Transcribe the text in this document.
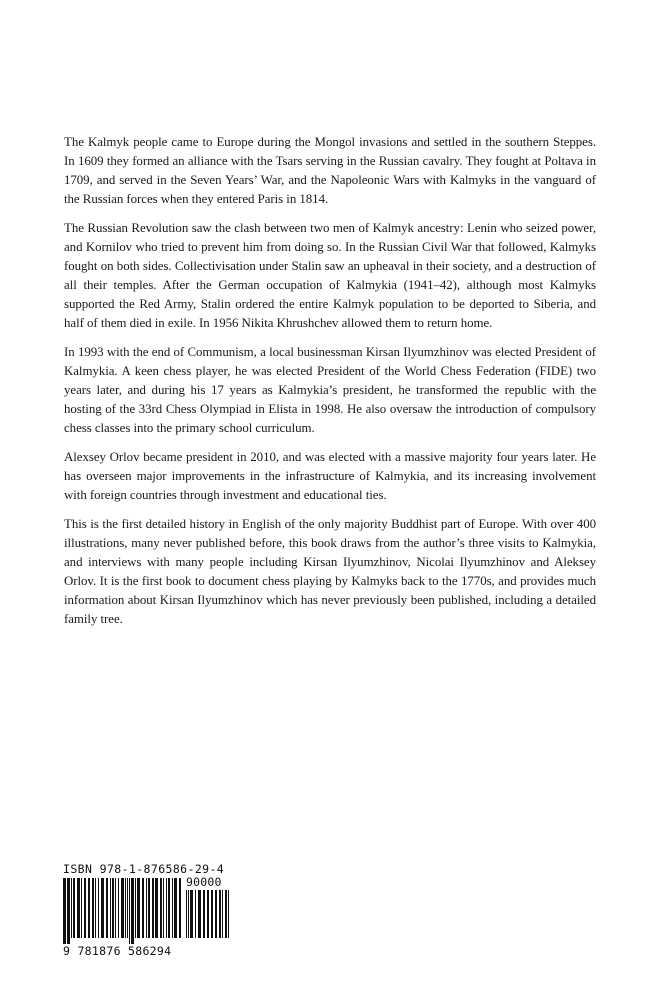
The Kalmyk people came to Europe during the Mongol invasions and settled in the southern Steppes. In 1609 they formed an alliance with the Tsars serving in the Russian cavalry. They fought at Poltava in 1709, and served in the Seven Years’ War, and the Napoleonic Wars with Kalmyks in the vanguard of the Russian forces when they entered Paris in 1814.

The Russian Revolution saw the clash between two men of Kalmyk ancestry: Lenin who seized power, and Kornilov who tried to prevent him from doing so. In the Russian Civil War that followed, Kalmyks fought on both sides. Collectivisation under Stalin saw an upheaval in their society, and a destruction of all their temples. After the German occupation of Kalmykia (1941–42), although most Kalmyks supported the Red Army, Stalin ordered the entire Kalmyk population to be deported to Siberia, and half of them died in exile. In 1956 Nikita Khrushchev allowed them to return home.

In 1993 with the end of Communism, a local businessman Kirsan Ilyumzhinov was elected President of Kalmykia. A keen chess player, he was elected President of the World Chess Federation (FIDE) two years later, and during his 17 years as Kalmykia’s president, he transformed the republic with the hosting of the 33rd Chess Olympiad in Elista in 1998. He also oversaw the introduction of compulsory chess classes into the primary school curriculum.

Alexsey Orlov became president in 2010, and was elected with a massive majority four years later. He has overseen major improvements in the infrastructure of Kalmykia, and its increasing involvement with foreign countries through investment and educational ties.

This is the first detailed history in English of the only majority Buddhist part of Europe. With over 400 illustrations, many never published before, this book draws from the author’s three visits to Kalmykia, and interviews with many people including Kirsan Ilyumzhinov, Nicolai Ilyumzhinov and Aleksey Orlov. It is the first book to document chess playing by Kalmyks back to the 1770s, and provides much information about Kirsan Ilyumzhinov which has never previously been published, including a detailed family tree.

ISBN 978-1-876586-29-4
90000
9 781876 586294
